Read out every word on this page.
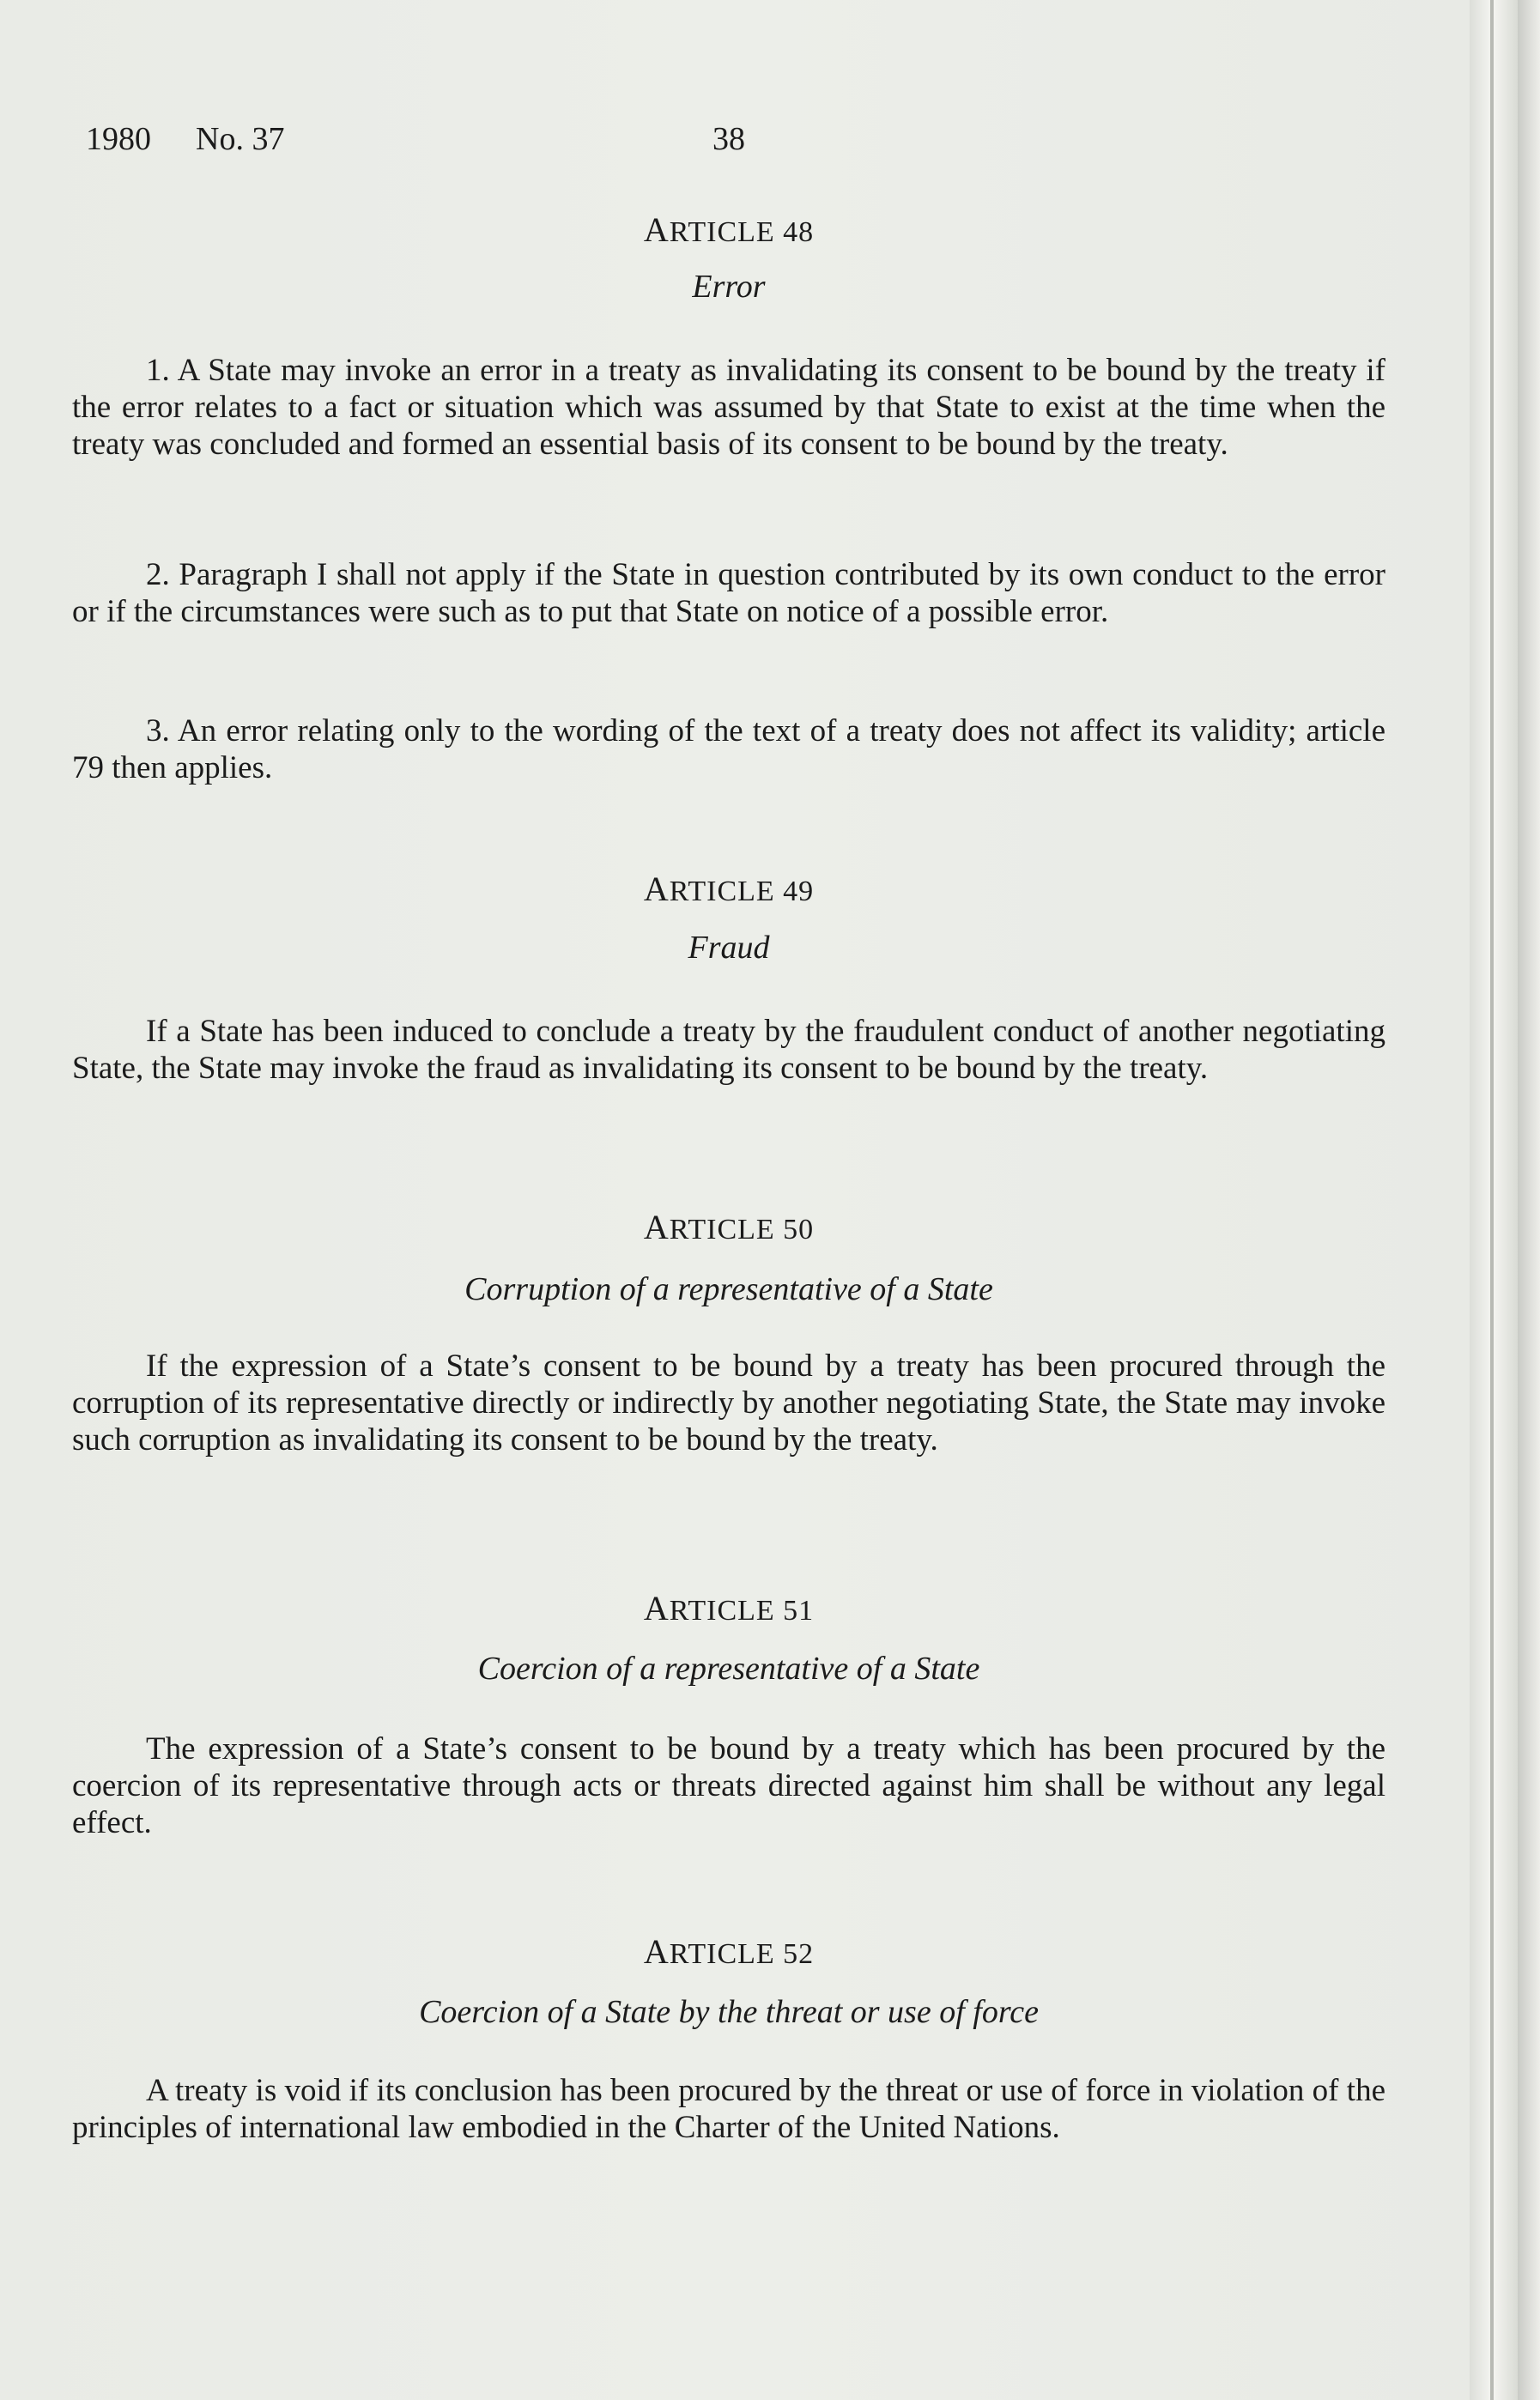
1980 No. 37	38
ARTICLE 48
Error
1. A State may invoke an error in a treaty as invalidating its consent to be bound by the treaty if the error relates to a fact or situation which was assumed by that State to exist at the time when the treaty was concluded and formed an essential basis of its consent to be bound by the treaty.
2. Paragraph I shall not apply if the State in question contributed by its own conduct to the error or if the circumstances were such as to put that State on notice of a possible error.
3. An error relating only to the wording of the text of a treaty does not affect its validity; article 79 then applies.
ARTICLE 49
Fraud
If a State has been induced to conclude a treaty by the fraudulent conduct of another negotiating State, the State may invoke the fraud as invalidating its consent to be bound by the treaty.
ARTICLE 50
Corruption of a representative of a State
If the expression of a State’s consent to be bound by a treaty has been procured through the corruption of its representative directly or indirectly by another negotiating State, the State may invoke such corruption as invalidating its consent to be bound by the treaty.
ARTICLE 51
Coercion of a representative of a State
The expression of a State’s consent to be bound by a treaty which has been procured by the coercion of its representative through acts or threats directed against him shall be without any legal effect.
ARTICLE 52
Coercion of a State by the threat or use of force
A treaty is void if its conclusion has been procured by the threat or use of force in violation of the principles of international law embodied in the Charter of the United Nations.
